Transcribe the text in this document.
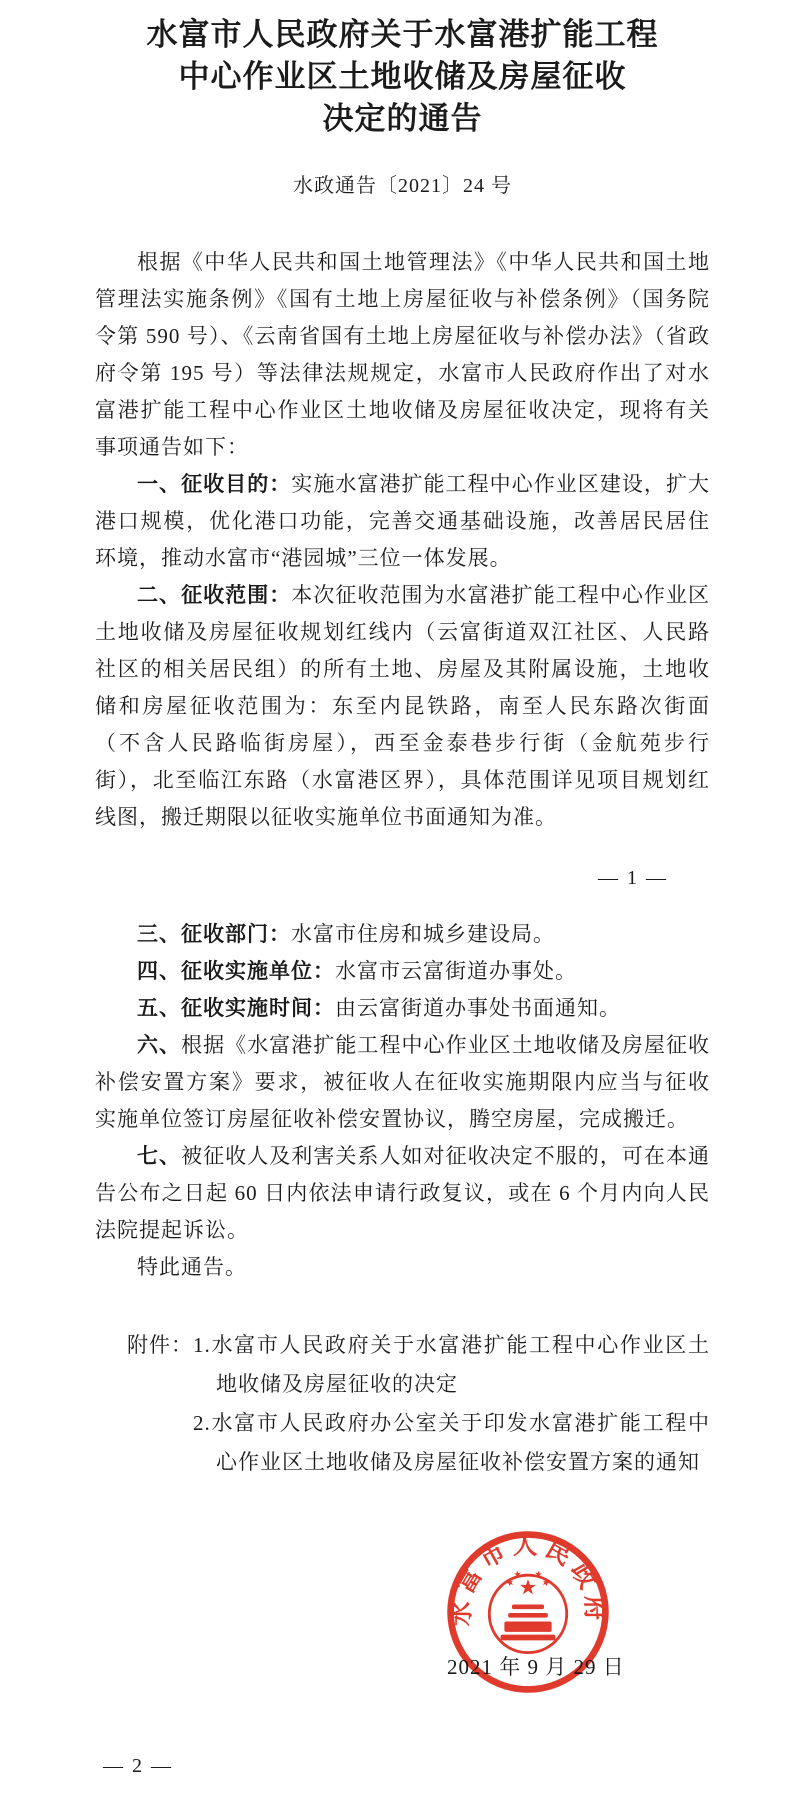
水富市人民政府关于水富港扩能工程
中心作业区土地收储及房屋征收
决定的通告
水政通告〔2021〕24 号

根据《中华人民共和国土地管理法》《中华人民共和国土地管理法实施条例》《国有土地上房屋征收与补偿条例》（国务院令第 590 号）、《云南省国有土地上房屋征收与补偿办法》（省政府令第 195 号）等法律法规规定，水富市人民政府作出了对水富港扩能工程中心作业区土地收储及房屋征收决定，现将有关事项通告如下：

一、征收目的：实施水富港扩能工程中心作业区建设，扩大港口规模，优化港口功能，完善交通基础设施，改善居民居住环境，推动水富市“港园城”三位一体发展。

二、征收范围：本次征收范围为水富港扩能工程中心作业区土地收储及房屋征收规划红线内（云富街道双江社区、人民路社区的相关居民组）的所有土地、房屋及其附属设施，土地收储和房屋征收范围为：东至内昆铁路，南至人民东路次街面（不含人民路临街房屋），西至金泰巷步行街（金航苑步行街），北至临江东路（水富港区界），具体范围详见项目规划红线图，搬迁期限以征收实施单位书面通知为准。

— 1 —

三、征收部门：水富市住房和城乡建设局。

四、征收实施单位：水富市云富街道办事处。

五、征收实施时间：由云富街道办事处书面通知。

六、根据《水富港扩能工程中心作业区土地收储及房屋征收补偿安置方案》要求，被征收人在征收实施期限内应当与征收实施单位签订房屋征收补偿安置协议，腾空房屋，完成搬迁。

七、被征收人及利害关系人如对征收决定不服的，可在本通告公布之日起 60 日内依法申请行政复议，或在 6 个月内向人民法院提起诉讼。

特此通告。

附件： 1.水富市人民政府关于水富港扩能工程中心作业区土地收储及房屋征收的决定

2.水富市人民政府办公室关于印发水富港扩能工程中心作业区土地收储及房屋征收补偿安置方案的通知

2021 年 9 月 29 日
水富市人民政府
— 2 —
